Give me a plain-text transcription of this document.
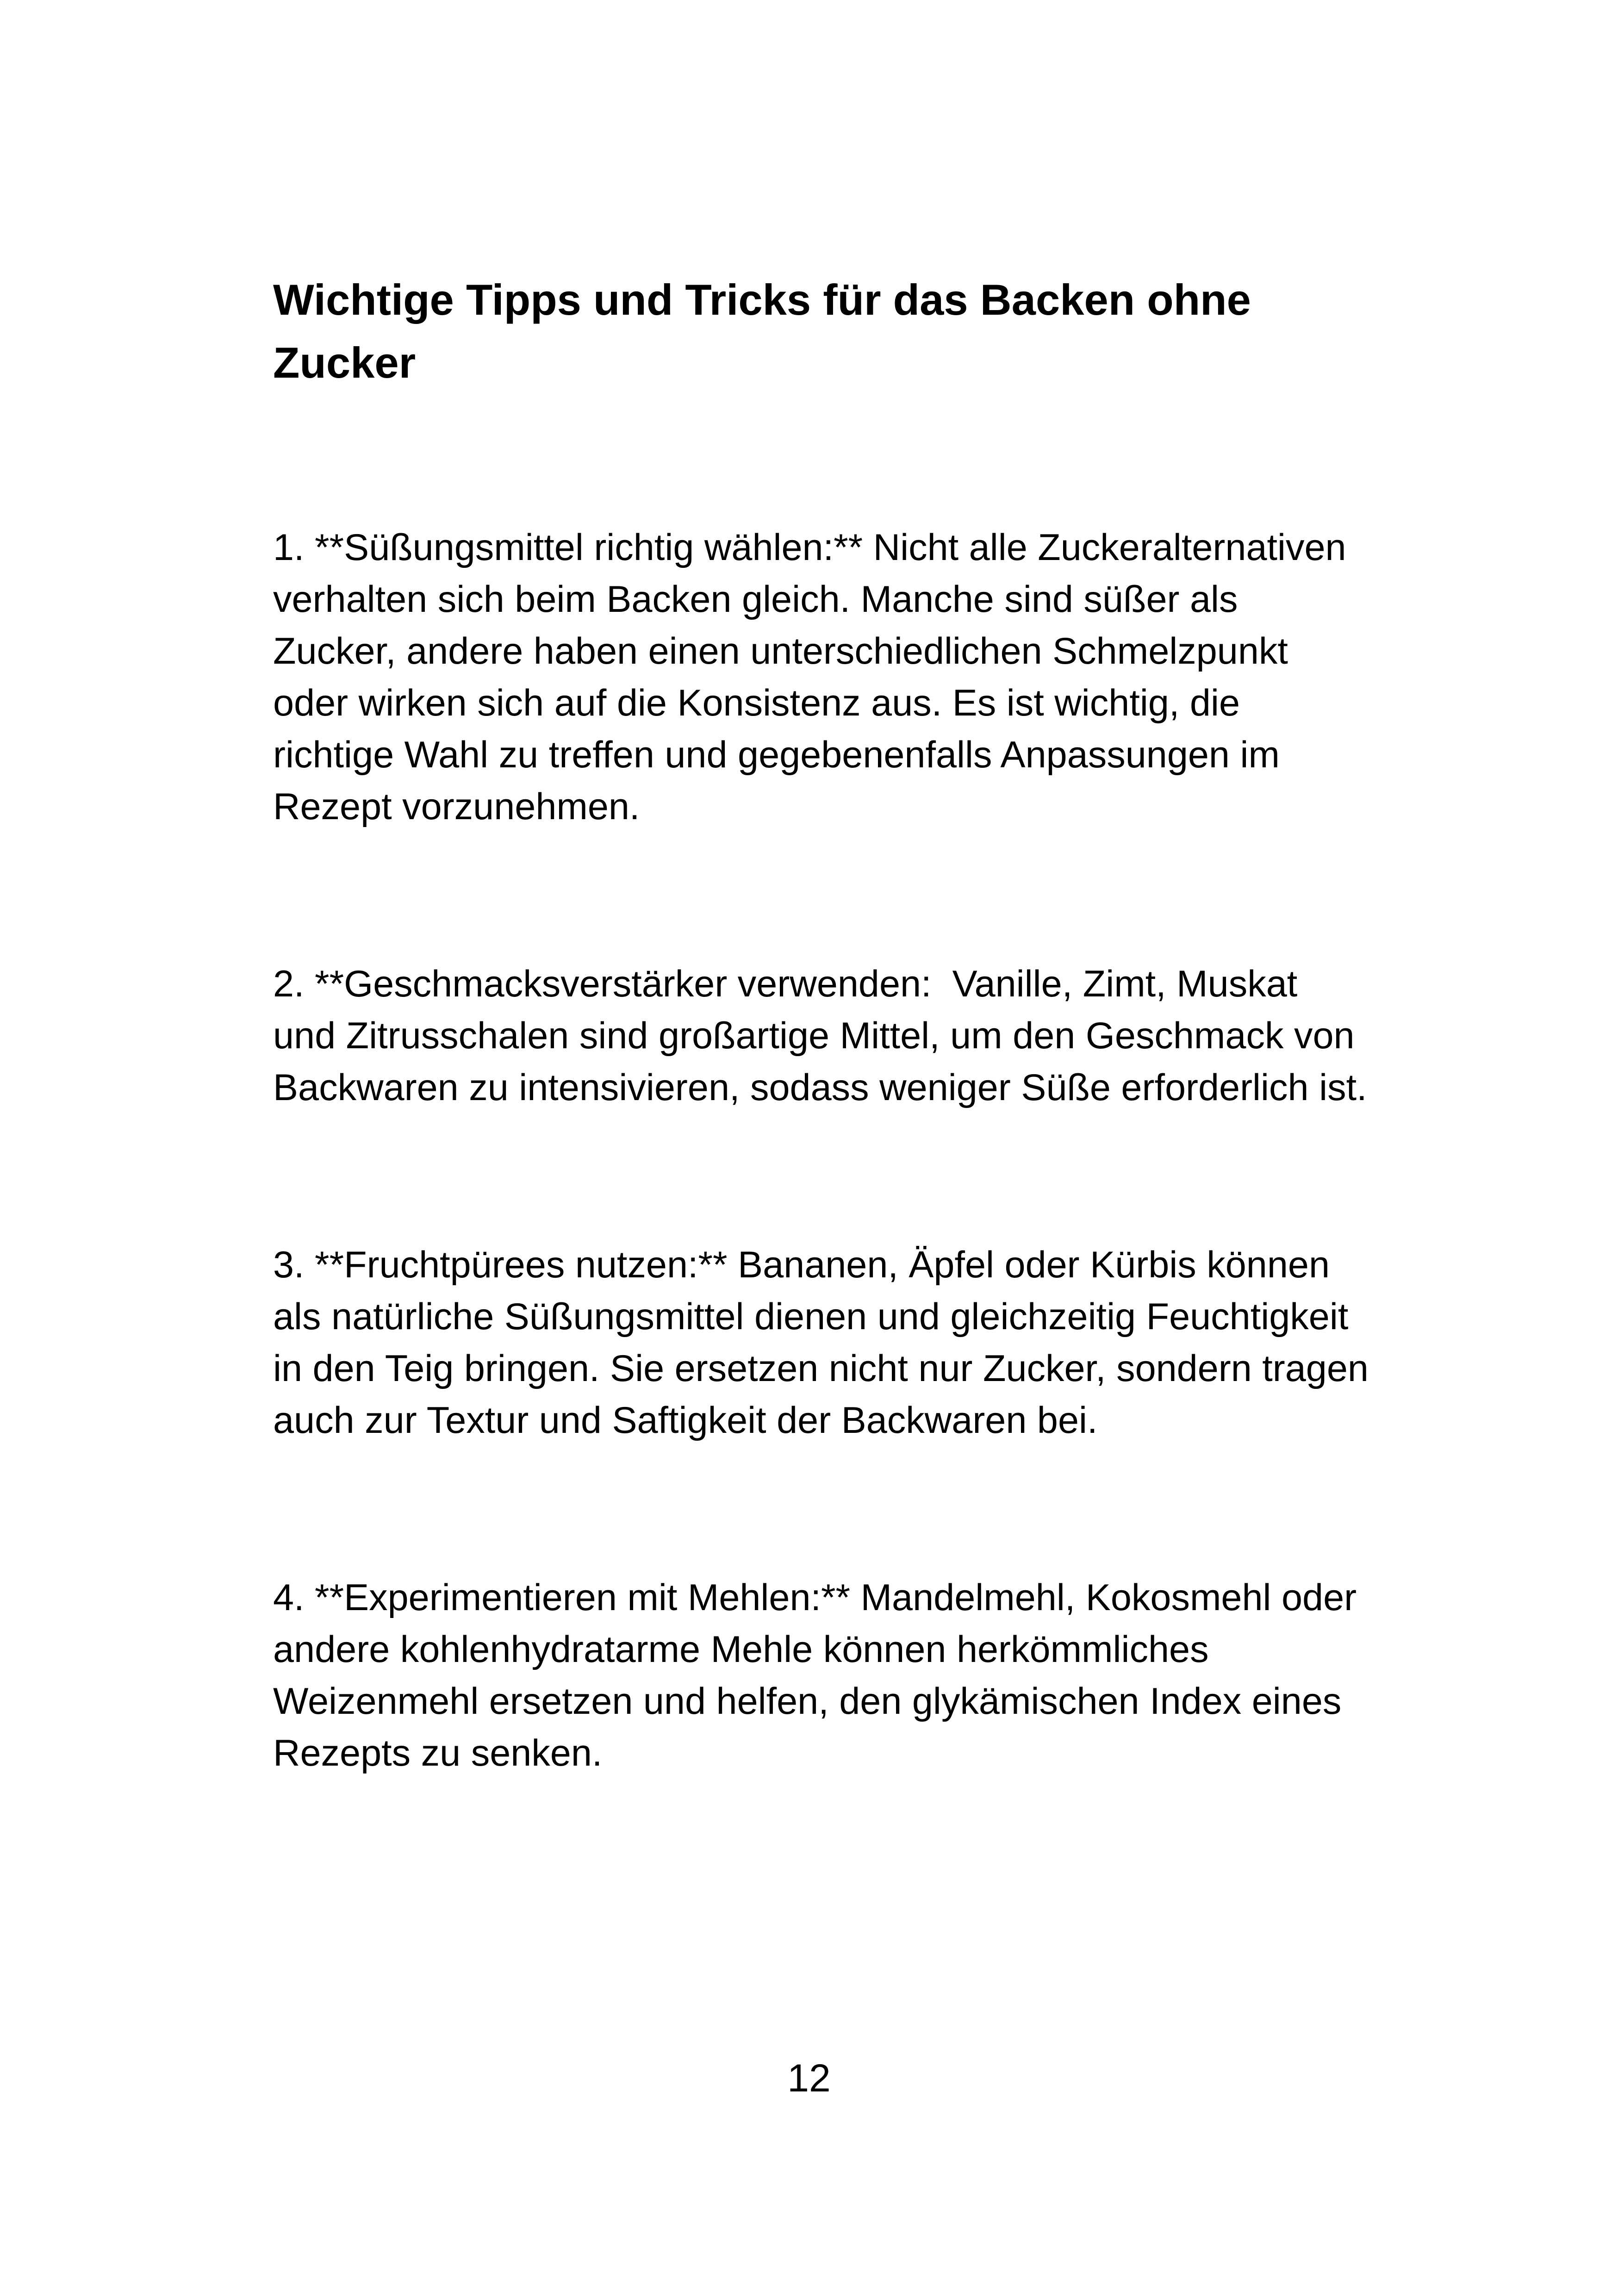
Wichtige Tipps und Tricks für das Backen ohne Zucker

1. **Süßungsmittel richtig wählen:** Nicht alle Zuckeralternativen verhalten sich beim Backen gleich. Manche sind süßer als Zucker, andere haben einen unterschiedlichen Schmelzpunkt oder wirken sich auf die Konsistenz aus. Es ist wichtig, die richtige Wahl zu treffen und gegebenenfalls Anpassungen im Rezept vorzunehmen.

2. **Geschmacksverstärker verwenden:  Vanille, Zimt, Muskat und Zitrusschalen sind großartige Mittel, um den Geschmack von Backwaren zu intensivieren, sodass weniger Süße erforderlich ist.

3. **Fruchtpürees nutzen:** Bananen, Äpfel oder Kürbis können als natürliche Süßungsmittel dienen und gleichzeitig Feuchtigkeit in den Teig bringen. Sie ersetzen nicht nur Zucker, sondern tragen auch zur Textur und Saftigkeit der Backwaren bei.

4. **Experimentieren mit Mehlen:** Mandelmehl, Kokosmehl oder andere kohlenhydratarme Mehle können herkömmliches Weizenmehl ersetzen und helfen, den glykämischen Index eines Rezepts zu senken.

12
